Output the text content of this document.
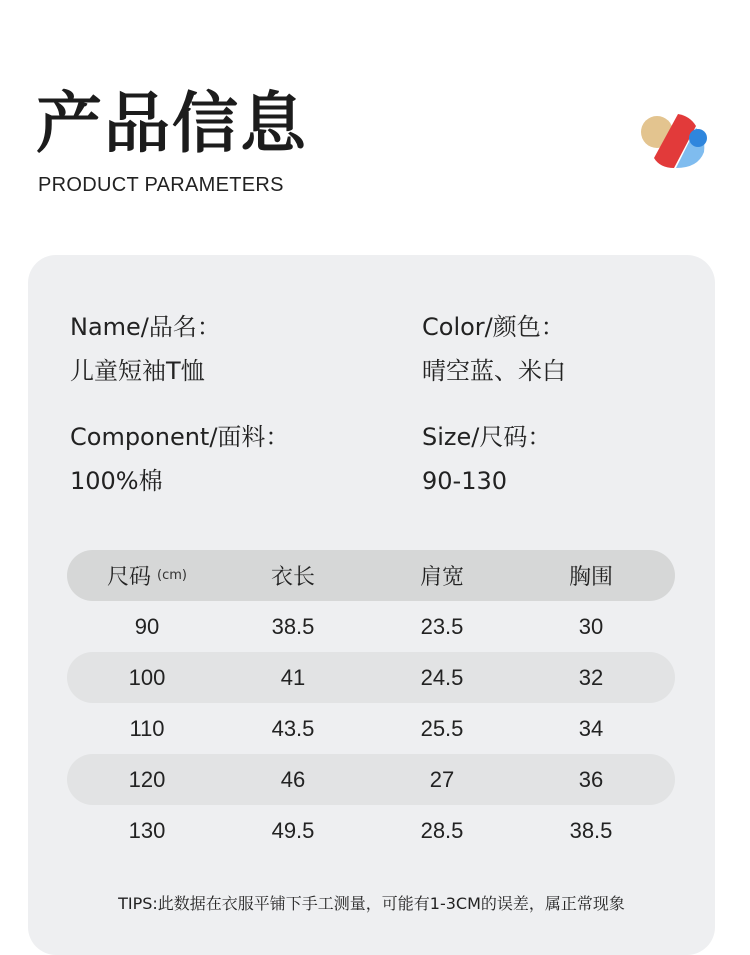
产品信息
PRODUCT PARAMETERS
Name/品名：
儿童短袖T恤
Color/颜色：
晴空蓝、米白
Component/面料：
100%棉
Size/尺码：
90-130
尺码 (cm)	衣长	肩宽	胸围
90	38.5	23.5	30
100	41	24.5	32
110	43.5	25.5	34
120	46	27	36
130	49.5	28.5	38.5
TIPS:此数据在衣服平铺下手工测量，可能有1-3CM的误差，属正常现象
